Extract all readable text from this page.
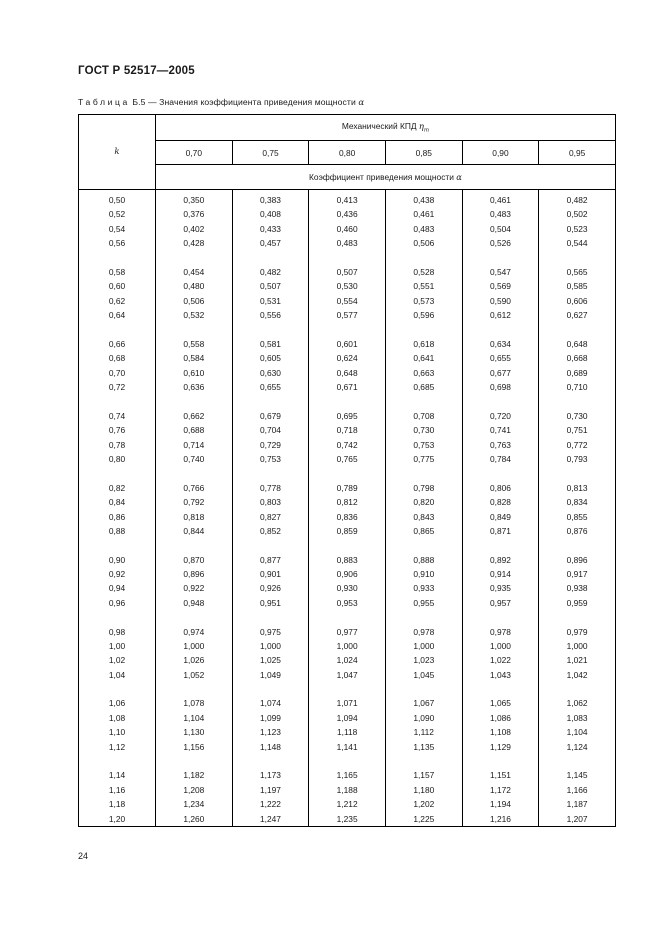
ГОСТ Р 52517—2005
Таблица Б.5 — Значения коэффициента приведения мощности α
k	Механический КПД $\eta_m$
	0,70	0,75	0,80	0,85	0,90	0,95
	Коэффициент приведения мощности α					
0,50	0,350	0,383	0,413	0,438	0,461	0,482
0,52	0,376	0,408	0,436	0,461	0,483	0,502
0,54	0,402	0,433	0,460	0,483	0,504	0,523
0,56	0,428	0,457	0,483	0,506	0,526	0,544

0,58	0,454	0,482	0,507	0,528	0,547	0,565
0,60	0,480	0,507	0,530	0,551	0,569	0,585
0,62	0,506	0,531	0,554	0,573	0,590	0,606
0,64	0,532	0,556	0,577	0,596	0,612	0,627

0,66	0,558	0,581	0,601	0,618	0,634	0,648
0,68	0,584	0,605	0,624	0,641	0,655	0,668
0,70	0,610	0,630	0,648	0,663	0,677	0,689
0,72	0,636	0,655	0,671	0,685	0,698	0,710

0,74	0,662	0,679	0,695	0,708	0,720	0,730
0,76	0,688	0,704	0,718	0,730	0,741	0,751
0,78	0,714	0,729	0,742	0,753	0,763	0,772
0,80	0,740	0,753	0,765	0,775	0,784	0,793

0,82	0,766	0,778	0,789	0,798	0,806	0,813
0,84	0,792	0,803	0,812	0,820	0,828	0,834
0,86	0,818	0,827	0,836	0,843	0,849	0,855
0,88	0,844	0,852	0,859	0,865	0,871	0,876

0,90	0,870	0,877	0,883	0,888	0,892	0,896
0,92	0,896	0,901	0,906	0,910	0,914	0,917
0,94	0,922	0,926	0,930	0,933	0,935	0,938
0,96	0,948	0,951	0,953	0,955	0,957	0,959

0,98	0,974	0,975	0,977	0,978	0,978	0,979
1,00	1,000	1,000	1,000	1,000	1,000	1,000
1,02	1,026	1,025	1,024	1,023	1,022	1,021
1,04	1,052	1,049	1,047	1,045	1,043	1,042

1,06	1,078	1,074	1,071	1,067	1,065	1,062
1,08	1,104	1,099	1,094	1,090	1,086	1,083
1,10	1,130	1,123	1,118	1,112	1,108	1,104
1,12	1,156	1,148	1,141	1,135	1,129	1,124

1,14	1,182	1,173	1,165	1,157	1,151	1,145
1,16	1,208	1,197	1,188	1,180	1,172	1,166
1,18	1,234	1,222	1,212	1,202	1,194	1,187
1,20	1,260	1,247	1,235	1,225	1,216	1,207
24
